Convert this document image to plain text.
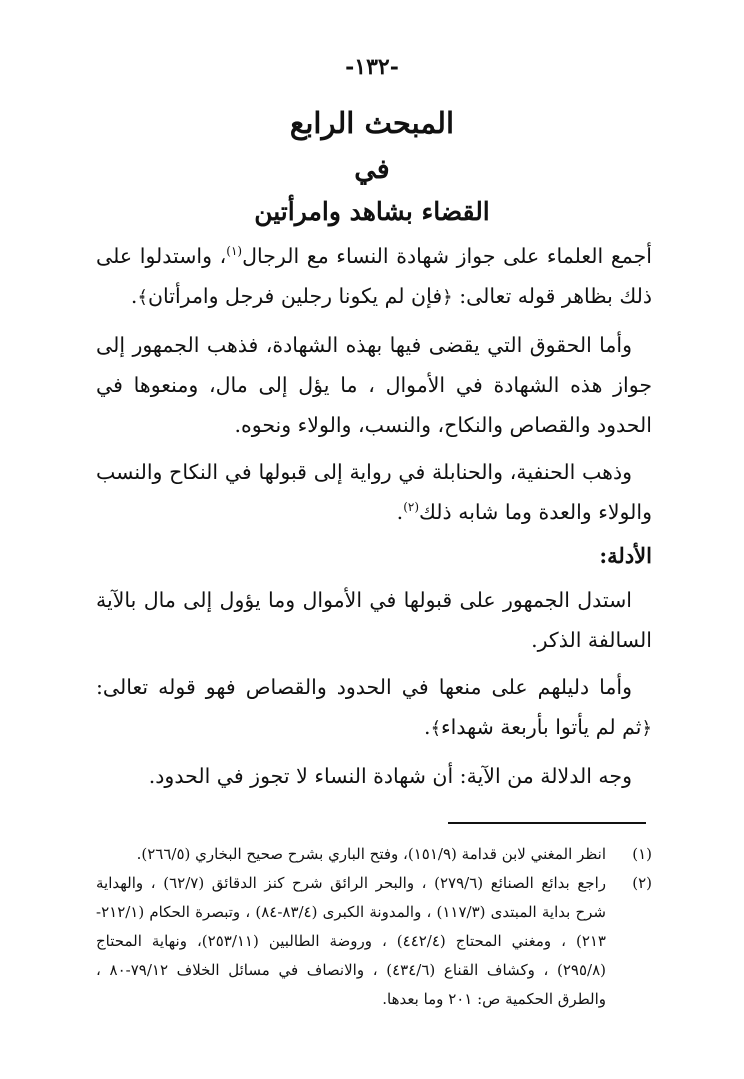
-١٣٢-
المبحث الرابع
في
القضاء بشاهد وامرأتين

أجمع العلماء على جواز شهادة النساء مع الرجال$^{(١)}$، واستدلوا على ذلك بظاهر قوله تعالى: ﴿فإن لم يكونا رجلين فرجل وامرأتان﴾.

وأما الحقوق التي يقضى فيها بهذه الشهادة، فذهب الجمهور إلى جواز هذه الشهادة في الأموال ، ما يؤل إلى مال، ومنعوها في الحدود والقصاص والنكاح، والنسب، والولاء ونحوه.

وذهب الحنفية، والحنابلة في رواية إلى قبولها في النكاح والنسب والولاء والعدة وما شابه ذلك$^{(٢)}$.

الأدلة:

استدل الجمهور على قبولها في الأموال وما يؤول إلى مال بالآية السالفة الذكر.

وأما دليلهم على منعها في الحدود والقصاص فهو قوله تعالى: ﴿ثم لم يأتوا بأربعة شهداء﴾.

وجه الدلالة من الآية: أن شهادة النساء لا تجوز في الحدود.

(١)
انظر المغني لابن قدامة (١٥١/٩)، وفتح الباري بشرح صحيح البخاري (٢٦٦/٥).
(٢)
راجع بدائع الصنائع (٢٧٩/٦) ، والبحر الرائق شرح كنز الدقائق (٦٢/٧) ، والهداية شرح بداية المبتدى (١١٧/٣) ، والمدونة الكبرى (٨٣/٤-٨٤) ، وتبصرة الحكام (٢١٢/١- ٢١٣) ، ومغني المحتاج (٤٤٢/٤) ، وروضة الطالبين (٢٥٣/١١)، ونهاية المحتاج (٢٩٥/٨) ، وكشاف القناع (٤٣٤/٦) ، والانصاف في مسائل الخلاف ٧٩/١٢-٨٠ ، والطرق الحكمية ص: ٢٠١ وما بعدها.
